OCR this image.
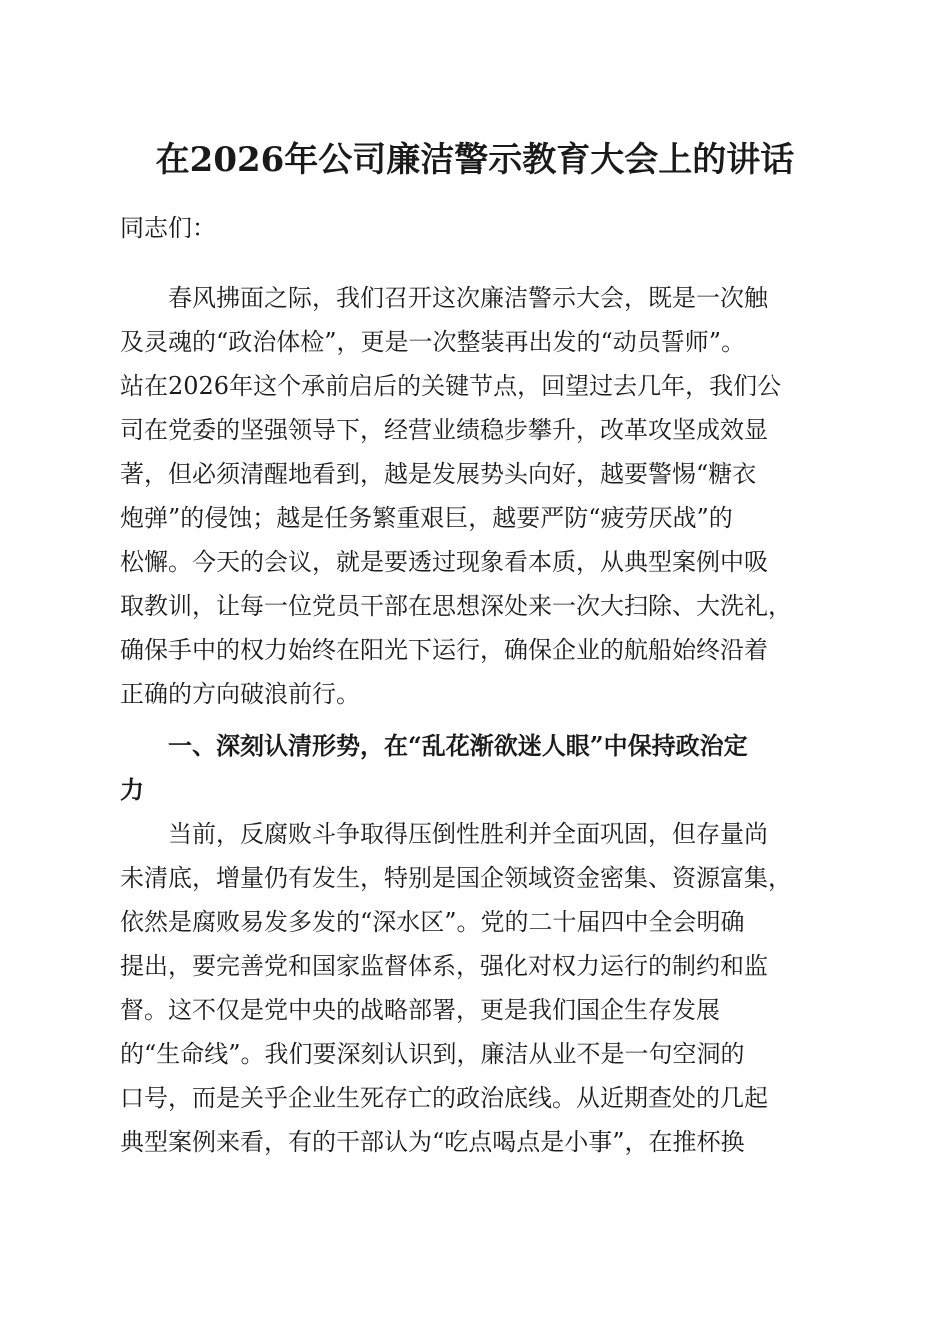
在2026年公司廉洁警示教育大会上的讲话

同志们：

　　春风拂面之际，我们召开这次廉洁警示大会，既是一次触

及灵魂的“政治体检”，更是一次整装再出发的“动员誓师”。

站在2026年这个承前启后的关键节点，回望过去几年，我们公

司在党委的坚强领导下，经营业绩稳步攀升，改革攻坚成效显

著，但必须清醒地看到，越是发展势头向好，越要警惕“糖衣

炮弹”的侵蚀；越是任务繁重艰巨，越要严防“疲劳厌战”的

松懈。今天的会议，就是要透过现象看本质，从典型案例中吸

取教训，让每一位党员干部在思想深处来一次大扫除、大洗礼，

确保手中的权力始终在阳光下运行，确保企业的航船始终沿着

正确的方向破浪前行。

　　一、深刻认清形势，在“乱花渐欲迷人眼”中保持政治定

力

　　当前，反腐败斗争取得压倒性胜利并全面巩固，但存量尚

未清底，增量仍有发生，特别是国企领域资金密集、资源富集，

依然是腐败易发多发的“深水区”。党的二十届四中全会明确

提出，要完善党和国家监督体系，强化对权力运行的制约和监

督。这不仅是党中央的战略部署，更是我们国企生存发展

的“生命线”。我们要深刻认识到，廉洁从业不是一句空洞的

口号，而是关乎企业生死存亡的政治底线。从近期查处的几起

典型案例来看，有的干部认为“吃点喝点是小事”，在推杯换
